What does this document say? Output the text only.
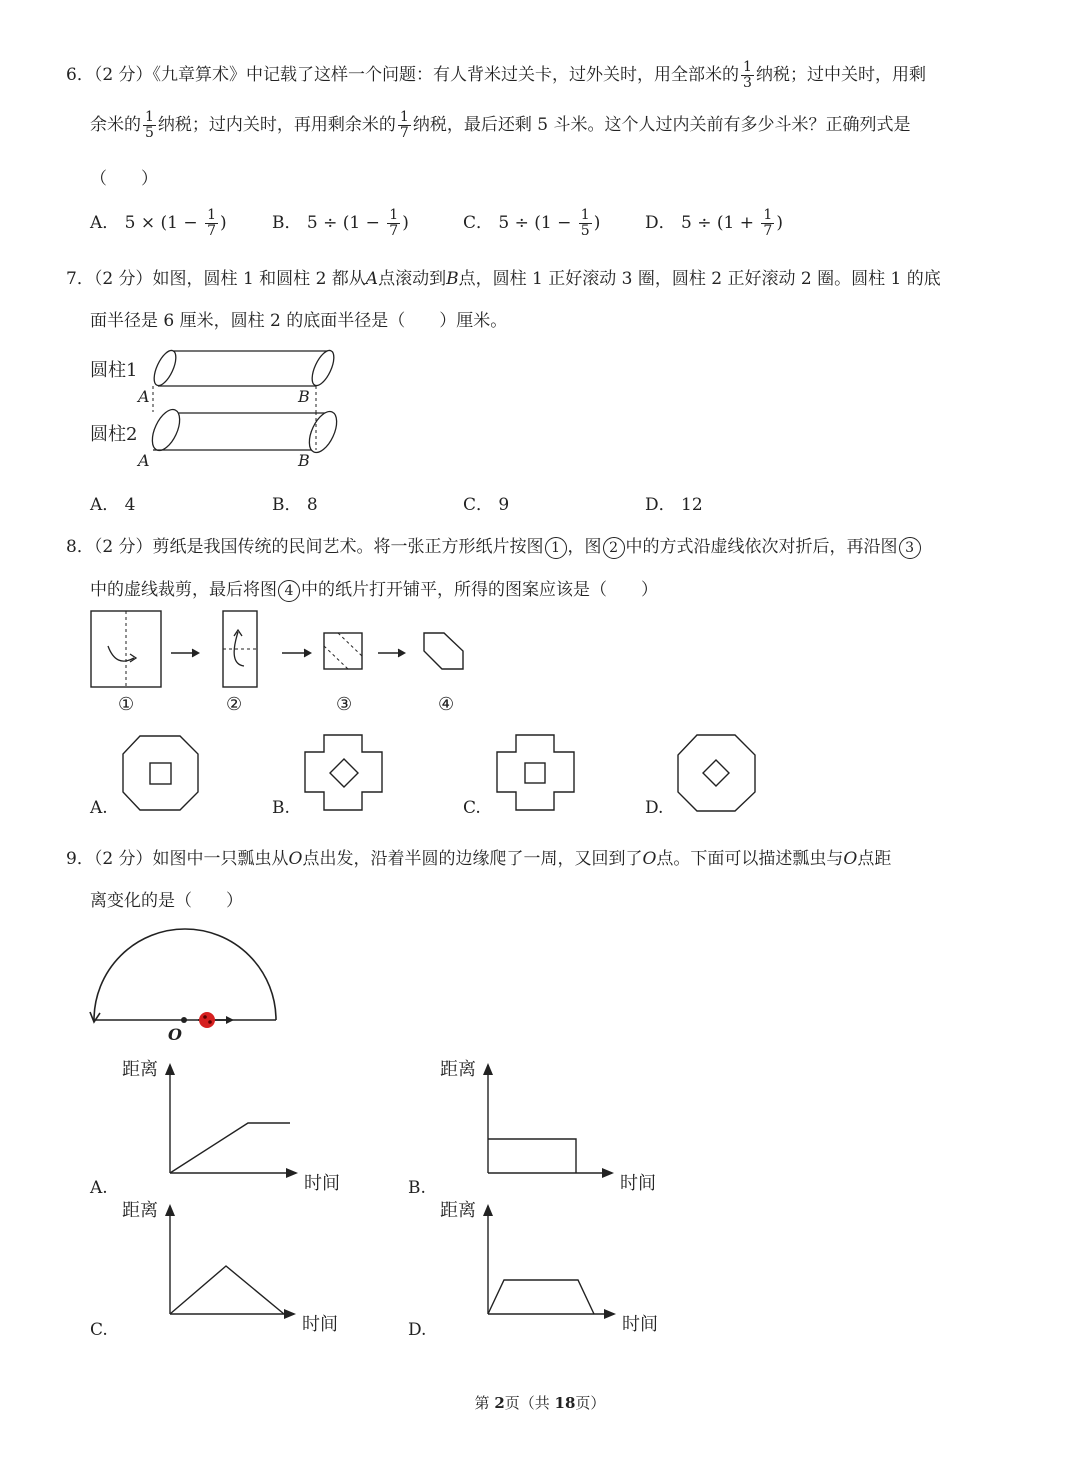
6．（2 分）《九章算术》中记载了这样一个问题：有人背米过关卡，过外关时，用全部米的 $\frac{1}{3}$ 纳税；过中关时，用剩
余米的 $\frac{1}{5}$ 纳税；过内关时，再用剩余米的 $\frac{1}{7}$ 纳税，最后还剩 5 斗米。这个人过内关前有多少斗米？正确列式是
（　　）
A． $5 \times (1 - \frac{1}{7}$ )	B． $5 \div (1 - \frac{1}{7}$ )	C． $5 \div (1 - \frac{1}{5}$ )	D． $5 \div (1 + \frac{1}{7}$ )
7．（2 分）如图，圆柱 1 和圆柱 2 都从A点滚动到B点，圆柱 1 正好滚动 3 圈，圆柱 2 正好滚动 2 圈。圆柱 1 的底
面半径是 6 厘米，圆柱 2 的底面半径是（　　）厘米。
圆柱1
A	B
圆柱2
A	B
A． 4	B． 8	C． 9	D． 12
8．（2 分）剪纸是我国传统的民间艺术。将一张正方形纸片按图 1 ，图 2 中的方式沿虚线依次对折后，再沿图 3
中的虚线裁剪，最后将图 4 中的纸片打开铺平，所得的图案应该是（　　）
①	②	③	④
A.	B.	C.	D.
9．（2 分）如图中一只瓢虫从O点出发，沿着半圆的边缘爬了一周，又回到了O点。下面可以描述瓢虫与O点距
离变化的是（　　）
O
A.
距离
时间	B.
距离
时间
C.
距离
时间	D.
距离
时间
第 2页（共 18页）
